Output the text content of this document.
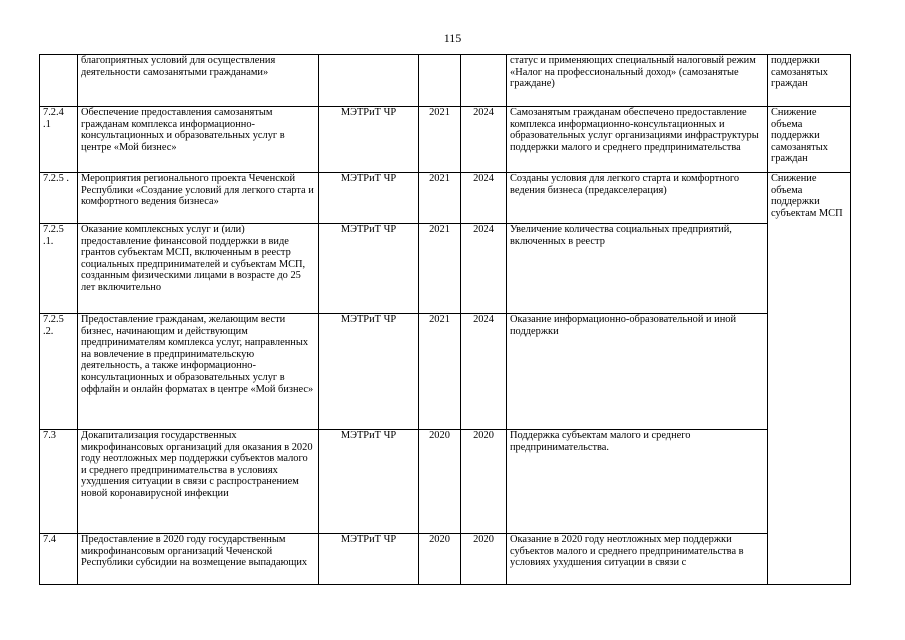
115
	благоприятных условий для осуществления деятельности самозанятыми гражданами»				статус и применяющих специальный налоговый режим «Налог на профессиональный доход» (самозанятые граждане)	поддержки самозанятых граждан	
7.2.4 .1	Обеспечение предоставления самозанятым гражданам комплекса информационно-консультационных и образовательных услуг в центре «Мой бизнес»	МЭТРиТ ЧР	2021	2024	Самозанятым гражданам обеспечено предоставление комплекса информационно-консультационных и образовательных услуг организациями инфраструктуры поддержки малого и среднего предпринимательства	Снижение объема поддержки самозанятых граждан	
7.2.5 .	Мероприятия регионального проекта Чеченской Республики «Создание условий для легкого старта и комфортного ведения бизнеса»	МЭТРиТ ЧР	2021	2024	Созданы условия для легкого старта и комфортного ведения бизнеса (предакселерация)	Снижение объема поддержки субъектам МСП	
7.2.5 .1.	Оказание комплексных услуг и (или) предоставление финансовой поддержки в виде грантов субъектам МСП, включенным в реестр социальных предпринимателей и субъектам МСП, созданным физическими лицами в возрасте до 25 лет включительно	МЭТРиТ ЧР	2021	2024	Увеличение количества социальных предприятий, включенных в реестр		
7.2.5 .2.	Предоставление гражданам, желающим вести бизнес, начинающим и действующим предпринимателям комплекса услуг, направленных на вовлечение в предпринимательскую деятельность, а также информационно-консультационных и образовательных услуг в оффлайн и онлайн форматах в центре «Мой бизнес»	МЭТРиТ ЧР	2021	2024	Оказание информационно-образовательной и иной поддержки		
7.3	Докапитализация государственных микрофинансовых организаций для оказания в 2020 году неотложных мер поддержки субъектов малого и среднего предпринимательства в условиях ухудшения ситуации в связи с распространением новой коронавирусной инфекции	МЭТРиТ ЧР	2020	2020	Поддержка субъектам малого и среднего предпринимательства.		
7.4	Предоставление в 2020 году государственным микрофинансовым организаций Чеченской Республики субсидии на возмещение выпадающих	МЭТРиТ ЧР	2020	2020	Оказание в 2020 году неотложных мер поддержки субъектов малого и среднего предпринимательства в условиях ухудшения ситуации в связи с		
